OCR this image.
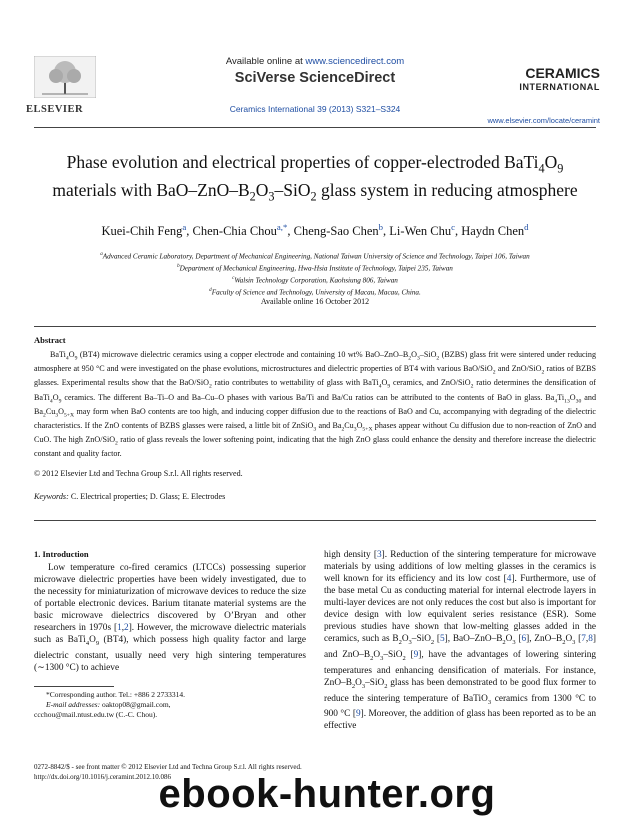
ELSEVIER
Available online at www.sciencedirect.com
SciVerse ScienceDirect
Ceramics International 39 (2013) S321–S324
CERAMICS
INTERNATIONAL
www.elsevier.com/locate/ceramint
Phase evolution and electrical properties of copper-electroded $BaTi_4O_9$ materials with BaO–$ZnO-B_2O_3-SiO_2$ glass system in reducing atmosphere
Kuei-Chih Feng$^a$, Chen-Chia Chou$^{a,*}$, Cheng-Sao Chen$^b$, Li-Wen Chu$^c$, Haydn Chen$^d$
$^a$Advanced Ceramic Laboratory, Department of Mechanical Engineering, National Taiwan University of Science and Technology, Taipei 106, Taiwan
$^b$Department of Mechanical Engineering, Hwa-Hsia Institute of Technology, Taipei 235, Taiwan
$^c$Walsin Technology Corporation, Kaohsiung 806, Taiwan
$^d$Faculty of Science and Technology, University of Macau, Macau, China.
Available online 16 October 2012
Abstract
$BaTi_4O_9$ (BT4) microwave dielectric ceramics using a copper electrode and containing 10 wt% BaO–$ZnO-B_2O_3-SiO_2$ (BZBS) glass frit were sintered under reducing atmosphere at 950 °C and were investigated on the phase evolutions, microstructures and dielectric properties of BT4 with various BaO/SiO$_2$ and ZnO/SiO$_2$ ratios of BZBS glasses. Experimental results show that the BaO/SiO$_2$ ratio contributes to wettability of glass with $BaTi_4O_9$ ceramics, and ZnO/SiO$_2$ ratio determines the densification of $BaTi_4O_9$ ceramics. The different Ba–Ti–O and Ba–Cu–O phases with various Ba/Ti and Ba/Cu ratios can be attributed to the contents of BaO in glass. $Ba_4Ti_{13}O_{30}$ and $Ba_2Cu_3O_{5+X}$ may form when BaO contents are too high, and inducing copper diffusion due to the reactions of BaO and Cu, accompanying with degrading of the dielectric characteristics. If the ZnO contents of BZBS glasses were raised, a little bit of ZnSiO$_3$ and $Ba_2Cu_3O_{5+X}$ phases appear without Cu diffusion due to non-reaction of ZnO and CuO. The high ZnO/SiO$_2$ ratio of glass reveals the lower softening point, indicating that the high ZnO glass could enhance the density and therefore increase the dielectric constant and quality factor.
© 2012 Elsevier Ltd and Techna Group S.r.l. All rights reserved.
Keywords: C. Electrical properties; D. Glass; E. Electrodes
1. Introduction

Low temperature co-fired ceramics (LTCCs) possessing superior microwave dielectric properties have been widely investigated, due to the necessity for miniaturization of microwave devices to reduce the size of portable electronic devices. Barium titanate material systems are the basic microwave dielectrics discovered by O’Bryan and other researchers in 1970s [1,2]. However, the microwave dielectric materials such as $BaTi_4O_9$ (BT4), which possess high quality factor and large dielectric constant, usually need very high sintering temperatures (∼1300 °C) to achieve

high density [3]. Reduction of the sintering temperature for microwave materials by using additions of low melting glasses in the ceramics is well known for its efficiency and its low cost [4]. Furthermore, use of the base metal Cu as conducting material for internal electrode layers in multi-layer devices are not only reduces the cost but also is important for device design with low equivalent series resistance (ESR). Some previous studies have shown that low-melting glasses added in the ceramics, such as $B_2O_3-SiO_2$ [5], BaO–$ZnO-B_2O_3$ [6], ZnO–$B_2O_3$ [7,8] and ZnO–$B_2O_3-SiO_2$ [9], have the advantages of lowering sintering temperatures and enhancing densification of materials. For instance, ZnO–$B_2O_3-SiO_2$ glass has been demonstrated to be good flux former to reduce the sintering temperature of BaTiO$_3$ ceramics from 1300 °C to 900 °C [9]. Moreover, the addition of glass has been reported as to be an effective

*Corresponding author. Tel.: +886 2 2733314.
E-mail addresses: oaktop08@gmail.com,
ccchou@mail.ntust.edu.tw (C.-C. Chou).
0272-8842/$ - see front matter © 2012 Elsevier Ltd and Techna Group S.r.l. All rights reserved.
http://dx.doi.org/10.1016/j.ceramint.2012.10.086
ebook-hunter.org
